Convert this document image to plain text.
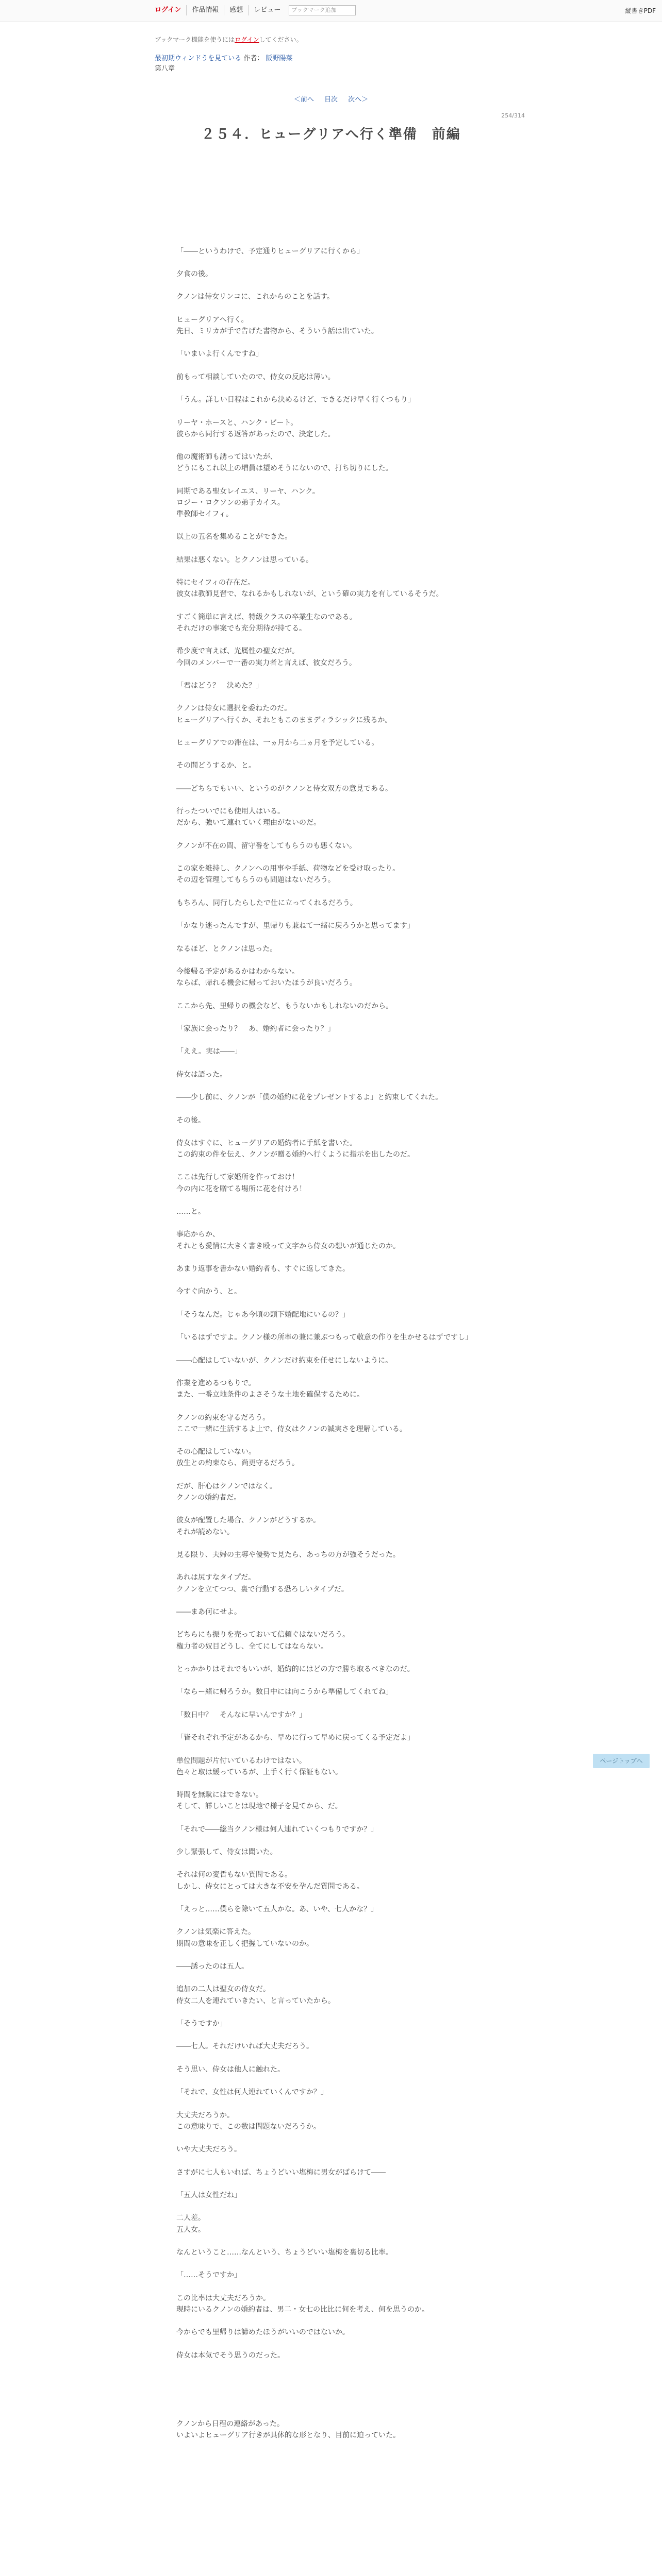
ログイン	作品情報	感想	レビュー	ブックマーク追加	縦書きPDF
ブックマーク機能を使うにはログインしてください。
最初期ウィンドうを見ている 作者： 阪野陽菜
第八章
＜前へ 目次 次へ＞
254/314
２５４．ヒューグリアへ行く準備　前編

「――というわけで、予定通りヒューグリアに行くから」

夕食の後。

クノンは侍女リンコに、これからのことを話す。

ヒューグリアへ行く。

先日、ミリカが手で告げた書物から、そういう話は出ていた。

「いまいよ行くんですね」

前もって相談していたので、侍女の反応は薄い。

「うん。詳しい日程はこれから決めるけど、できるだけ早く行くつもり」

リーヤ・ホースと、ハンク・ビート。

彼らから同行する返答があったので、決定した。

他の魔術師も誘ってはいたが、

どうにもこれ以上の増員は望めそうにないので、打ち切りにした。

同期である聖女レイエス、リーヤ、ハンク。

ロジー・ロクソンの弟子カイス。

準教師セイフィ。

以上の五名を集めることができた。

結果は悪くない。とクノンは思っている。

特にセイフィの存在だ。

彼女は教師見習で、なれるかもしれないが、という確の実力を有しているそうだ。

すごく簡単に言えば、特級クラスの卒業生なのである。

それだけの事案でも充分期待が持てる。

希少度で言えば、光属性の聖女だが。

今回のメンバーで一番の実力者と言えば、彼女だろう。

「君はどう？　決めた？」

クノンは侍女に選択を委ねたのだ。

ヒューグリアへ行くか、それともこのままディラシックに残るか。

ヒューグリアでの滞在は、一ヵ月から二ヵ月を予定している。

その間どうするか、と。

――どちらでもいい、というのがクノンと侍女双方の意見である。

行ったついでにも使用人はいる。

だから、強いて連れていく理由がないのだ。

クノンが不在の間、留守番をしてもらうのも悪くない。

この家を維持し、クノンへの用事や手紙、荷物などを受け取ったり。

その辺を管理してもらうのも問題はないだろう。

もちろん、同行したらしたで仕に立ってくれるだろう。

「かなり迷ったんですが、里帰りも兼ねて一緒に戻ろうかと思ってます」

なるほど、とクノンは思った。

今後帰る予定があるかはわからない。

ならば、帰れる機会に帰っておいたほうが良いだろう。

ここから先、里帰りの機会など、もうないかもしれないのだから。

「家族に会ったり？　あ、婚約者に会ったり？」

「ええ。実は――」

侍女は語った。

――少し前に、クノンが「僕の婚約に花をプレゼントするよ」と約束してくれた。

その後。

侍女はすぐに、ヒューグリアの婚約者に手紙を書いた。

この約束の件を伝え、クノンが贈る婚約へ行くように指示を出したのだ。

ここは先行して家婚所を作っておけ！

今の内に花を贈てる場所に花を付けろ！

……と。

事応からか、

それとも愛情に大きく書き殴って文字から侍女の想いが通じたのか。

あまり返事を書かない婚約者も、すぐに返してきた。

今すぐ向かう、と。

「そうなんだ。じゃあ今頃の頭下婚配地にいるの？」

「いるはずですよ。クノン様の所率の兼に兼ぶつもって敬意の作りを生かせるはずですし」

――心配はしていないが、クノンだけ約束を任せにしないように。

作業を進めるつもりで。

また、一番立地条件のよさそうな土地を確保するために。

クノンの約束を守るだろう。

ここで一緒に生活するよ上で、侍女はクノンの誠実さを理解している。

その心配はしていない。

放生との約束なら、尚更守るだろう。

だが、肝心はクノンではなく。

クノンの婚約者だ。

彼女が配置した場合、クノンがどうするか。

それが読めない。

見る限り、夫婦の主導や優勢で見たら、あっちの方が強そうだった。

あれは尻すなタイプだ。

クノンを立てつつ、裏で行動する恐ろしいタイプだ。

――まあ何にせよ。

どちらにも振りを売っておいて信頼ぐはないだろう。

権力者の奴目どうし、全てにしてはならない。

とっかかりはそれでもいいが、婚約的にはどの方で勝ち取るべきなのだ。

「ならー緒に帰ろうか。数日中には向こうから準備してくれてね」

「数日中？　そんなに早いんですか？」

「皆それぞれ予定があるから、早めに行って早めに戻ってくる予定だよ」

単位問題が片付いているわけではない。

色々と取は緩っているが、上手く行く保証もない。

時間を無駄にはできない。

そして、詳しいことは現地で様子を見てから、だ。

「それで――総当クノン様は何人連れていくつもりですか？」

少し緊張して、侍女は聞いた。

それは何の変哲もない質問である。

しかし、侍女にとっては大きな不安を孕んだ質問である。

「えっと……僕らを除いて五人かな。あ、いや、七人かな？」

クノンは気楽に答えた。

期間の意味を正しく把握していないのか。

――誘ったのは五人。

追加の二人は聖女の侍女だ。

侍女二人を連れていきたい、と言っていたから。

「そうですか」

――七人。それだけいれば大丈夫だろう。

そう思い、侍女は他人に触れた。

「それで、女性は何人連れていくんですか？」

大丈夫だろうか。

この意味りで、この数は問題ないだろうか。

いや大丈夫だろう。

さすがに七人もいれば、ちょうどいい塩梅に男女がばらけて――

「五人は女性だね」

二人差。

五人女。

なんということ……なんという、ちょうどいい塩梅を裏切る比率。

「……そうですか」

この比率は大丈夫だろうか。

現時にいるクノンの婚約者は、男二・女七の比比に何を考え、何を思うのか。

今からでも里帰りは諦めたほうがいいのではないか。

侍女は本気でそう思うのだった。

クノンから日程の連絡があった。

いよいよヒューグリア行きが具体的な形となり、目前に迫っていた。

ページトップへ
